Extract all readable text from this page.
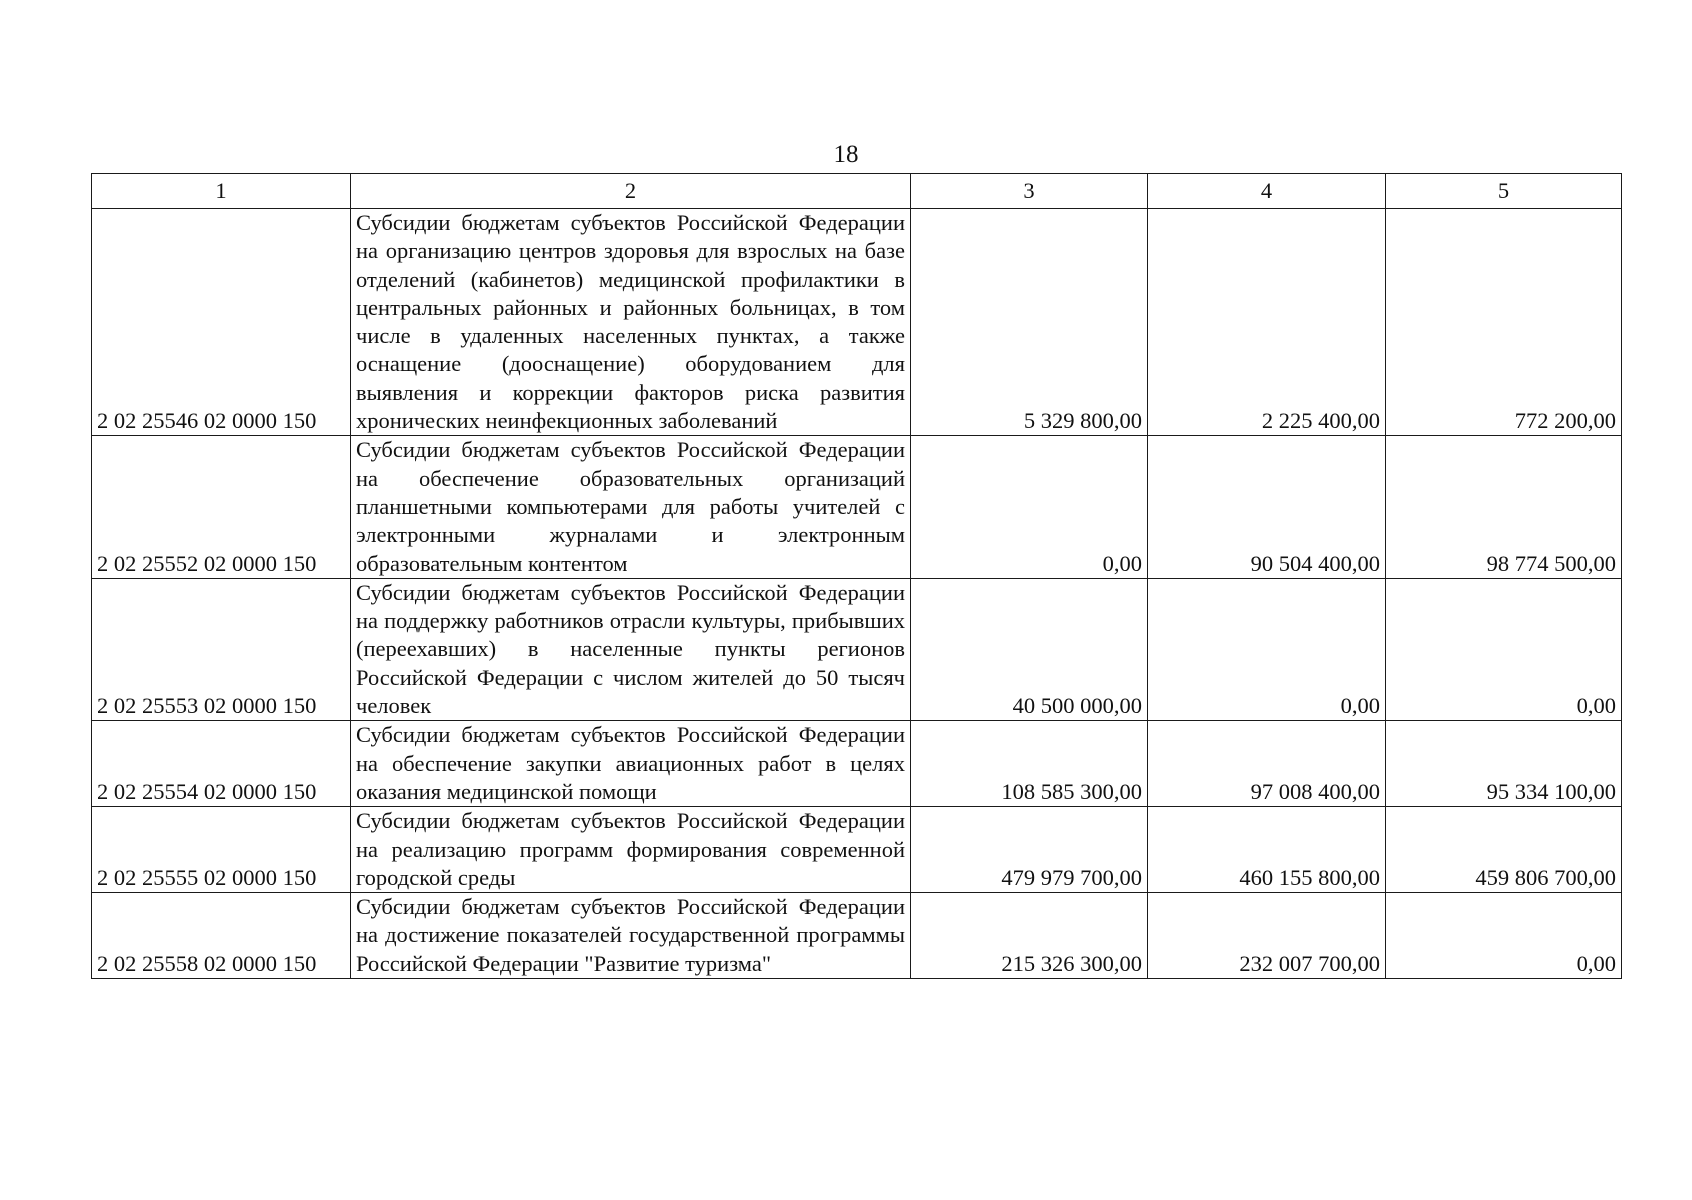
18
1	2	3	4	5
2 02 25546 02 0000 150	Субсидии бюджетам субъектов Российской Федерации на организацию центров здоровья для взрослых на базе отделений (кабинетов) медицинской профилактики в центральных районных и районных больницах, в том числе в удаленных населенных пунктах, а также оснащение (дооснащение) оборудованием для выявления и коррекции факторов риска развития хронических неинфекционных заболеваний	5 329 800,00	2 225 400,00	772 200,00
2 02 25552 02 0000 150	Субсидии бюджетам субъектов Российской Федерации на обеспечение образовательных организаций планшетными компьютерами для работы учителей с электронными журналами и электронным образовательным контентом	0,00	90 504 400,00	98 774 500,00
2 02 25553 02 0000 150	Субсидии бюджетам субъектов Российской Федерации на поддержку работников отрасли культуры, прибывших (переехавших) в населенные пункты регионов Российской Федерации с числом жителей до 50 тысяч человек	40 500 000,00	0,00	0,00
2 02 25554 02 0000 150	Субсидии бюджетам субъектов Российской Федерации на обеспечение закупки авиационных работ в целях оказания медицинской помощи	108 585 300,00	97 008 400,00	95 334 100,00
2 02 25555 02 0000 150	Субсидии бюджетам субъектов Российской Федерации на реализацию программ формирования современной городской среды	479 979 700,00	460 155 800,00	459 806 700,00
2 02 25558 02 0000 150	Субсидии бюджетам субъектов Российской Федерации на достижение показателей государственной программы Российской Федерации "Развитие туризма"	215 326 300,00	232 007 700,00	0,00
